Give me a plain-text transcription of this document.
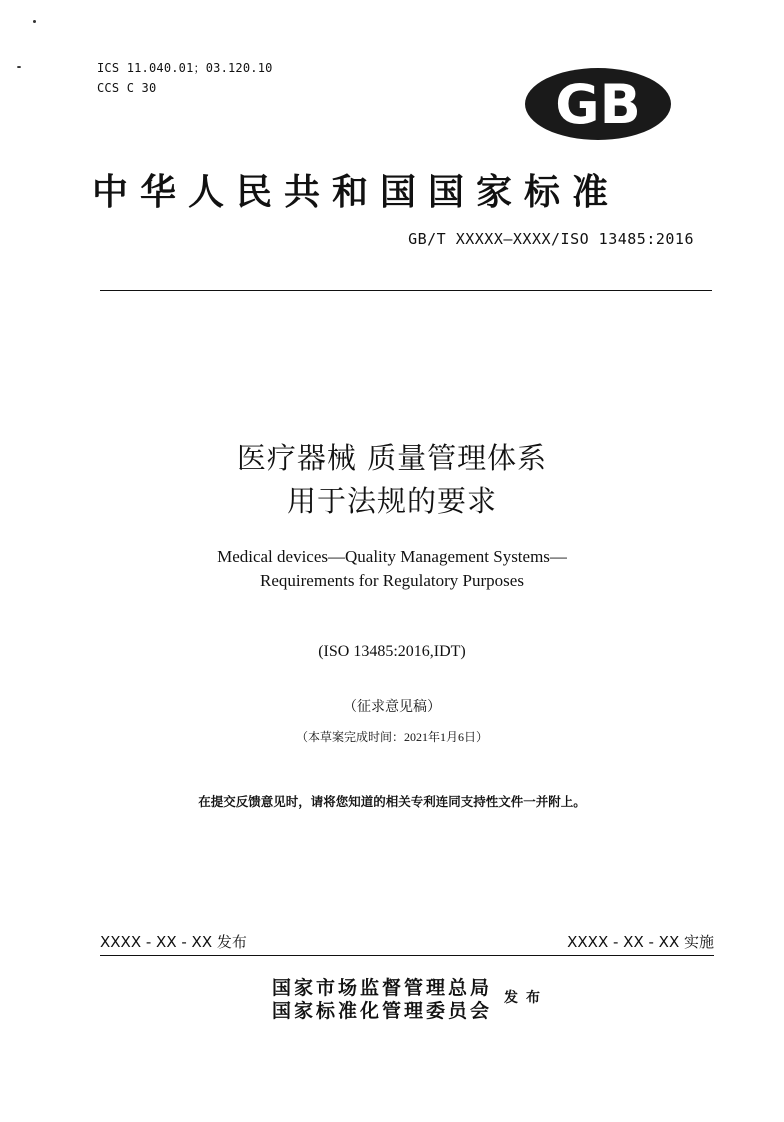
ICS 11.040.01；03.120.10
CCS C 30	GB
中华人民共和国国家标准
GB/T XXXXX—XXXX/ISO 13485:2016
医疗器械 质量管理体系
用于法规的要求
Medical devices—Quality Management Systems—
Requirements for Regulatory Purposes
(ISO 13485:2016,IDT)
（征求意见稿）
（本草案完成时间：2021年1月6日）
在提交反馈意见时，请将您知道的相关专利连同支持性文件一并附上。
XXXX - XX - XX 发布	XXXX - XX - XX 实施
国家市场监督管理总局
国家标准化管理委员会
发布
